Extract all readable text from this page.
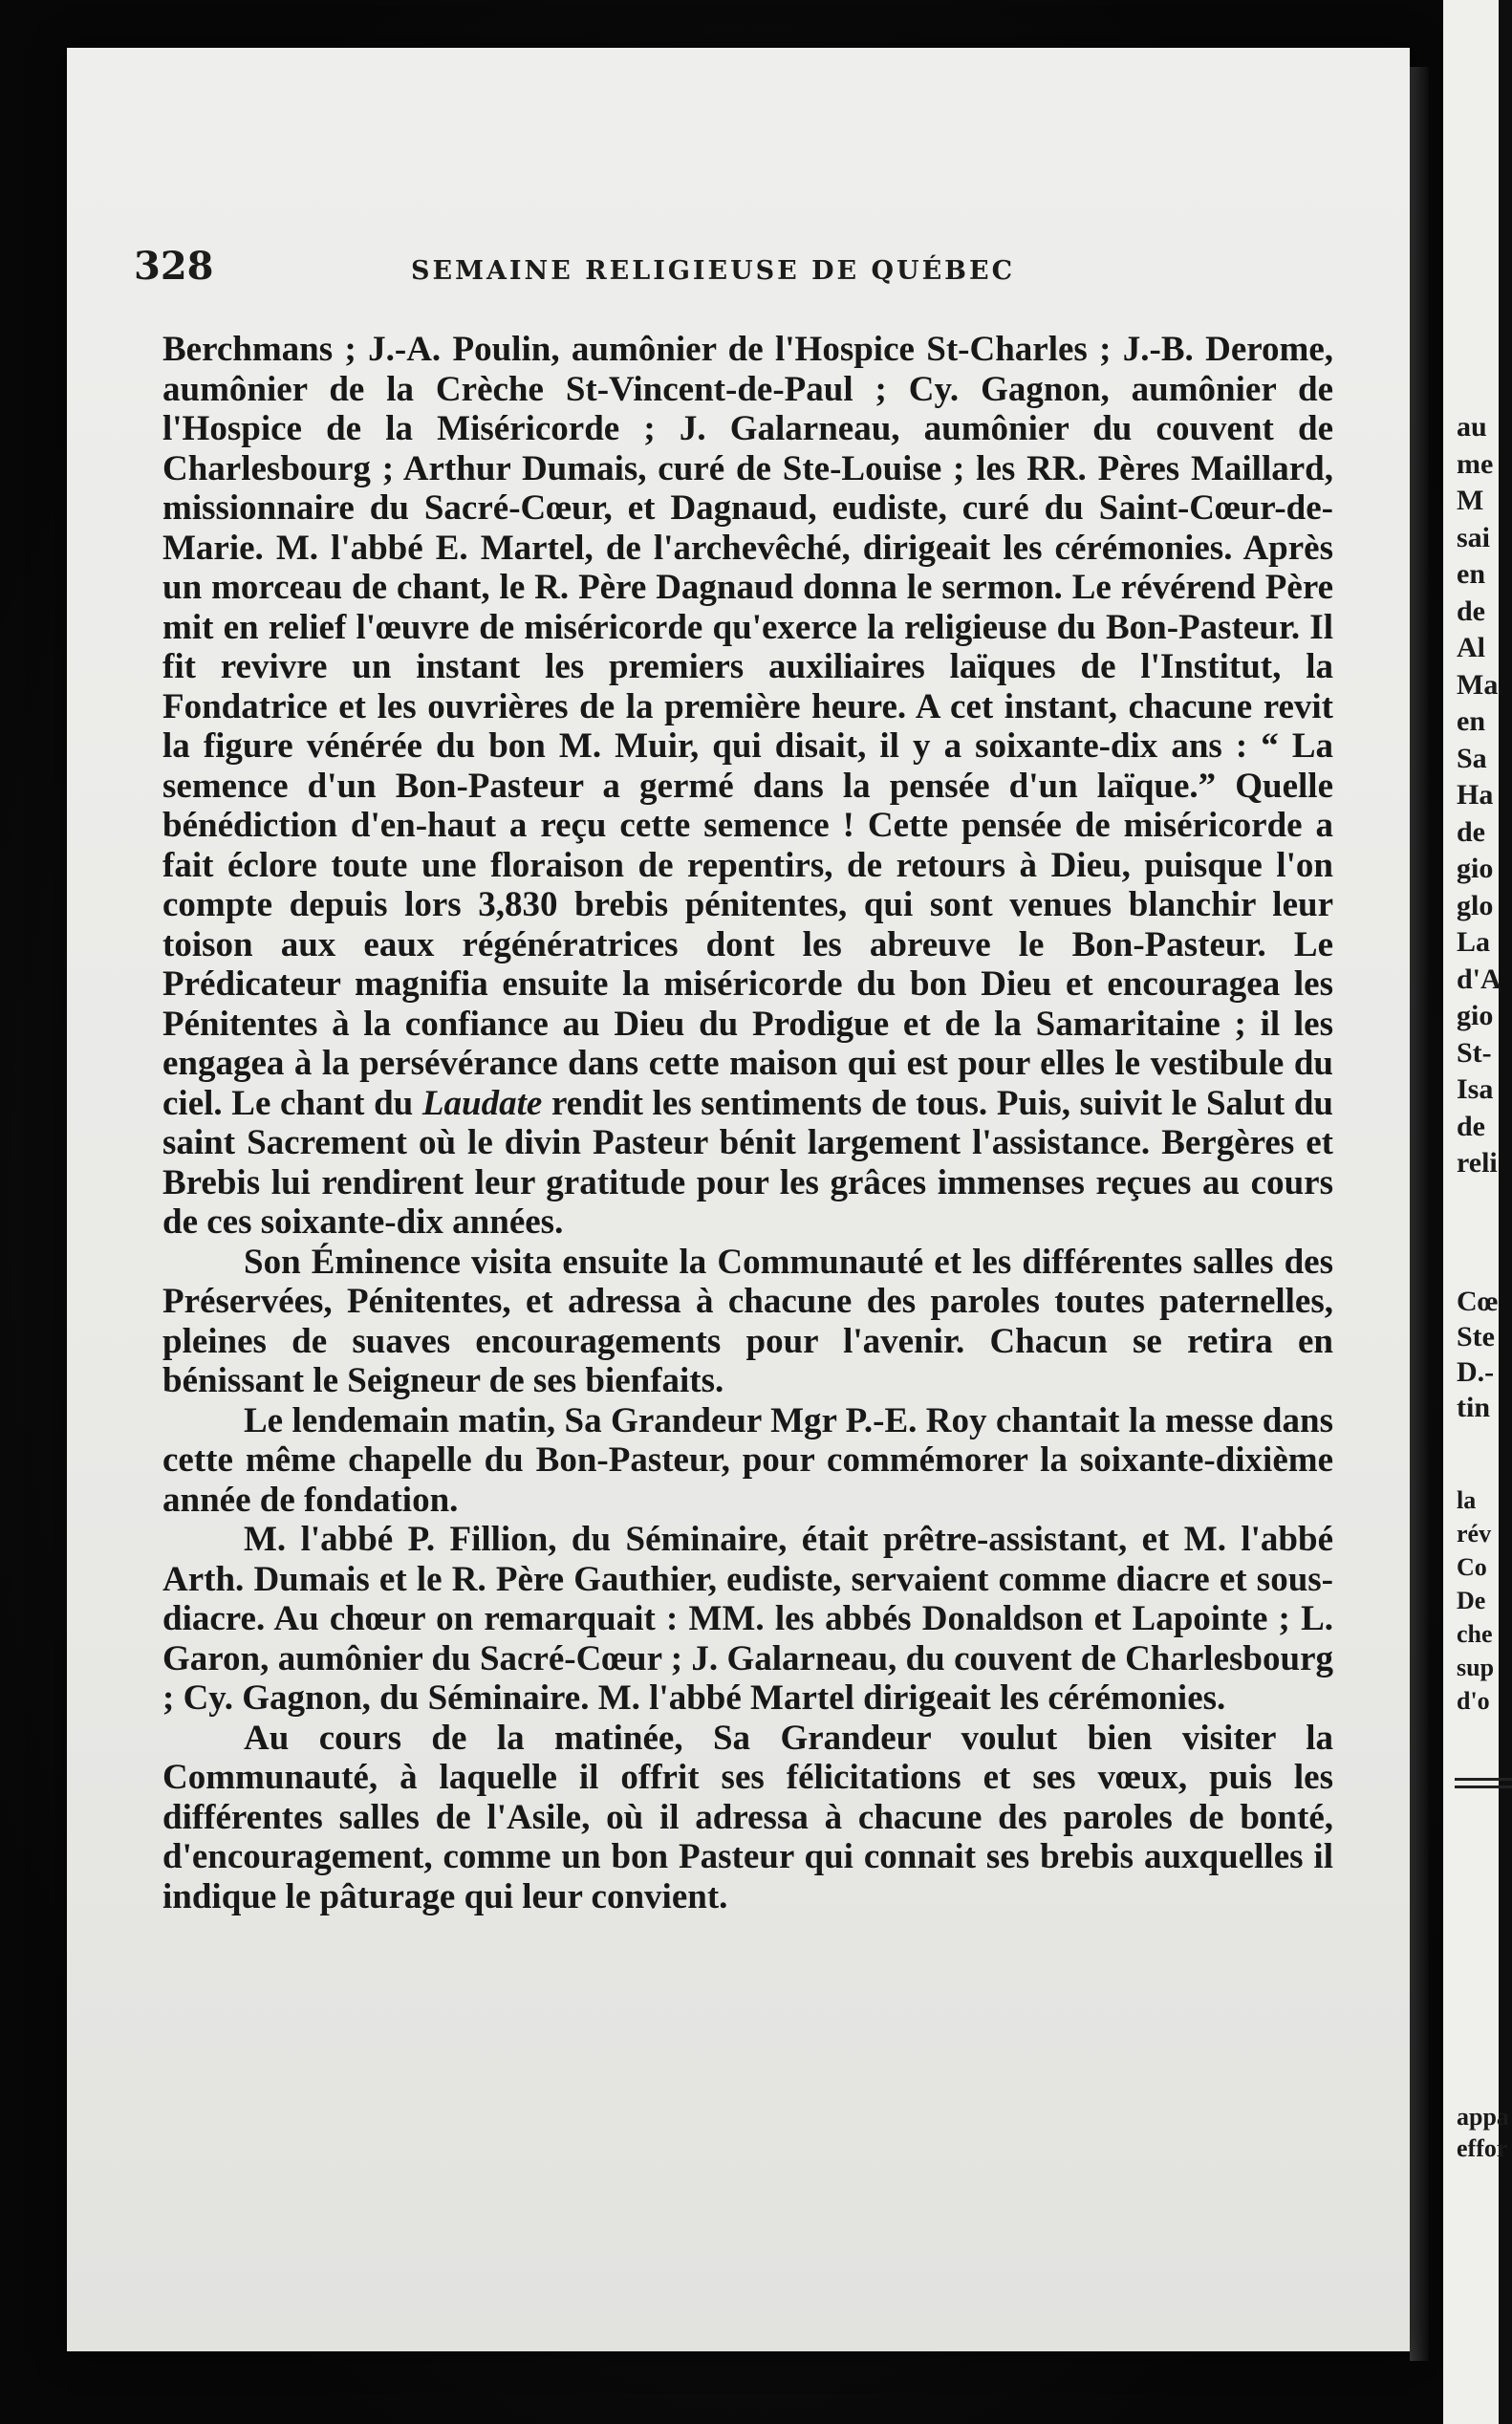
328	SEMAINE RELIGIEUSE DE QUÉBEC

Berchmans ; J.-A. Poulin, aumônier de l'Hospice St-Charles ; J.-B. Derome, aumônier de la Crèche St-Vincent-de-Paul ; Cy. Gagnon, aumônier de l'Hospice de la Miséricorde ; J. Galarneau, aumônier du couvent de Charlesbourg ; Arthur Dumais, curé de Ste-Louise ; les RR. Pères Maillard, missionnaire du Sacré-Cœur, et Dagnaud, eudiste, curé du Saint-Cœur-de-Marie. M. l'abbé E. Martel, de l'archevêché, dirigeait les cérémonies. Après un morceau de chant, le R. Père Dagnaud donna le sermon. Le révérend Père mit en relief l'œuvre de miséricorde qu'exerce la religieuse du Bon-Pasteur. Il fit revivre un instant les premiers auxiliaires laïques de l'Institut, la Fondatrice et les ouvrières de la première heure. A cet instant, chacune revit la figure vénérée du bon M. Muir, qui disait, il y a soixante-dix ans : “ La semence d'un Bon-Pasteur a germé dans la pensée d'un laïque.” Quelle bénédiction d'en-haut a reçu cette semence ! Cette pensée de miséricorde a fait éclore toute une floraison de repentirs, de retours à Dieu, puisque l'on compte depuis lors 3,830 brebis pénitentes, qui sont venues blanchir leur toison aux eaux régénératrices dont les abreuve le Bon-Pasteur. Le Prédicateur magnifia ensuite la miséricorde du bon Dieu et encouragea les Pénitentes à la confiance au Dieu du Prodigue et de la Samaritaine ; il les engagea à la persévérance dans cette maison qui est pour elles le vestibule du ciel. Le chant du Laudate rendit les sentiments de tous. Puis, suivit le Salut du saint Sacrement où le divin Pasteur bénit largement l'assistance. Bergères et Brebis lui rendirent leur gratitude pour les grâces immenses reçues au cours de ces soixante-dix années.

Son Éminence visita ensuite la Communauté et les différentes salles des Préservées, Pénitentes, et adressa à chacune des paroles toutes paternelles, pleines de suaves encouragements pour l'avenir. Chacun se retira en bénissant le Seigneur de ses bienfaits.

Le lendemain matin, Sa Grandeur Mgr P.-E. Roy chantait la messe dans cette même chapelle du Bon-Pasteur, pour commémorer la soixante-dixième année de fondation.

M. l'abbé P. Fillion, du Séminaire, était prêtre-assistant, et M. l'abbé Arth. Dumais et le R. Père Gauthier, eudiste, servaient comme diacre et sous-diacre. Au chœur on remarquait : MM. les abbés Donaldson et Lapointe ; L. Garon, aumônier du Sacré-Cœur ; J. Galarneau, du couvent de Charlesbourg ; Cy. Gagnon, du Séminaire. M. l'abbé Martel dirigeait les cérémonies.

Au cours de la matinée, Sa Grandeur voulut bien visiter la Communauté, à laquelle il offrit ses félicitations et ses vœux, puis les différentes salles de l'Asile, où il adressa à chacune des paroles de bonté, d'encouragement, comme un bon Pasteur qui connait ses brebis auxquelles il indique le pâturage qui leur convient.

au
me
M
sai
en
de
Al
Ma
en
Sa
Ha
de
gio
glo
La
d'A
gio
St-
Isa
de
reli
Cœ
Ste
D.-
tin
la
rév
Co
De
che
sup
d'o
appa
effor
